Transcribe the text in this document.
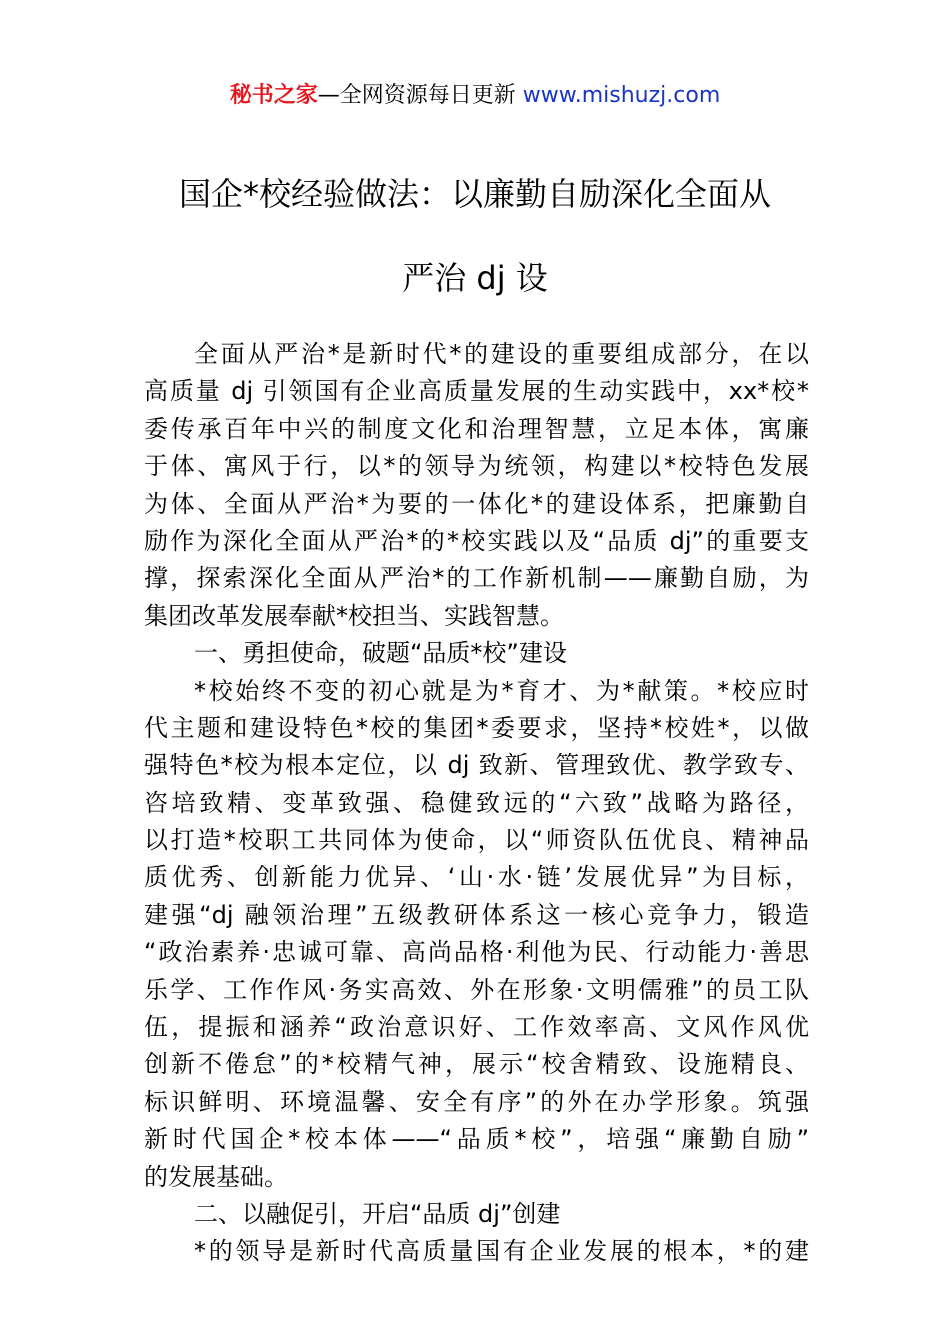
秘书之家—全网资源每日更新 www.mishuzj.com
国企*校经验做法：以廉勤自励深化全面从
严治 dj 设
全面从严治*是新时代*的建设的重要组成部分，在以
高质量 dj 引领国有企业高质量发展的生动实践中，xx*校*
委传承百年中兴的制度文化和治理智慧，立足本体，寓廉
于体、寓风于行，以*的领导为统领，构建以*校特色发展
为体、全面从严治*为要的一体化*的建设体系，把廉勤自
励作为深化全面从严治*的*校实践以及“品质 dj”的重要支
撑，探索深化全面从严治*的工作新机制——廉勤自励，为
集团改革发展奉献*校担当、实践智慧。
一、勇担使命，破题“品质*校”建设
*校始终不变的初心就是为*育才、为*献策。*校应时
代主题和建设特色*校的集团*委要求，坚持*校姓*，以做
强特色*校为根本定位，以 dj 致新、管理致优、教学致专、
咨培致精、变革致强、稳健致远的“六致”战略为路径，
以打造*校职工共同体为使命，以“师资队伍优良、精神品
质优秀、创新能力优异、‘山·水·链’发展优异”为目标，
建强“dj 融领治理”五级教研体系这一核心竞争力，锻造
“政治素养·忠诚可靠、高尚品格·利他为民、行动能力·善思
乐学、工作作风·务实高效、外在形象·文明儒雅”的员工队
伍，提振和涵养“政治意识好、工作效率高、文风作风优
创新不倦怠”的*校精气神，展示“校舍精致、设施精良、
标识鲜明、环境温馨、安全有序”的外在办学形象。筑强
新时代国企*校本体——“品质*校”，培强“廉勤自励”
的发展基础。
二、以融促引，开启“品质 dj”创建
*的领导是新时代高质量国有企业发展的根本，*的建
